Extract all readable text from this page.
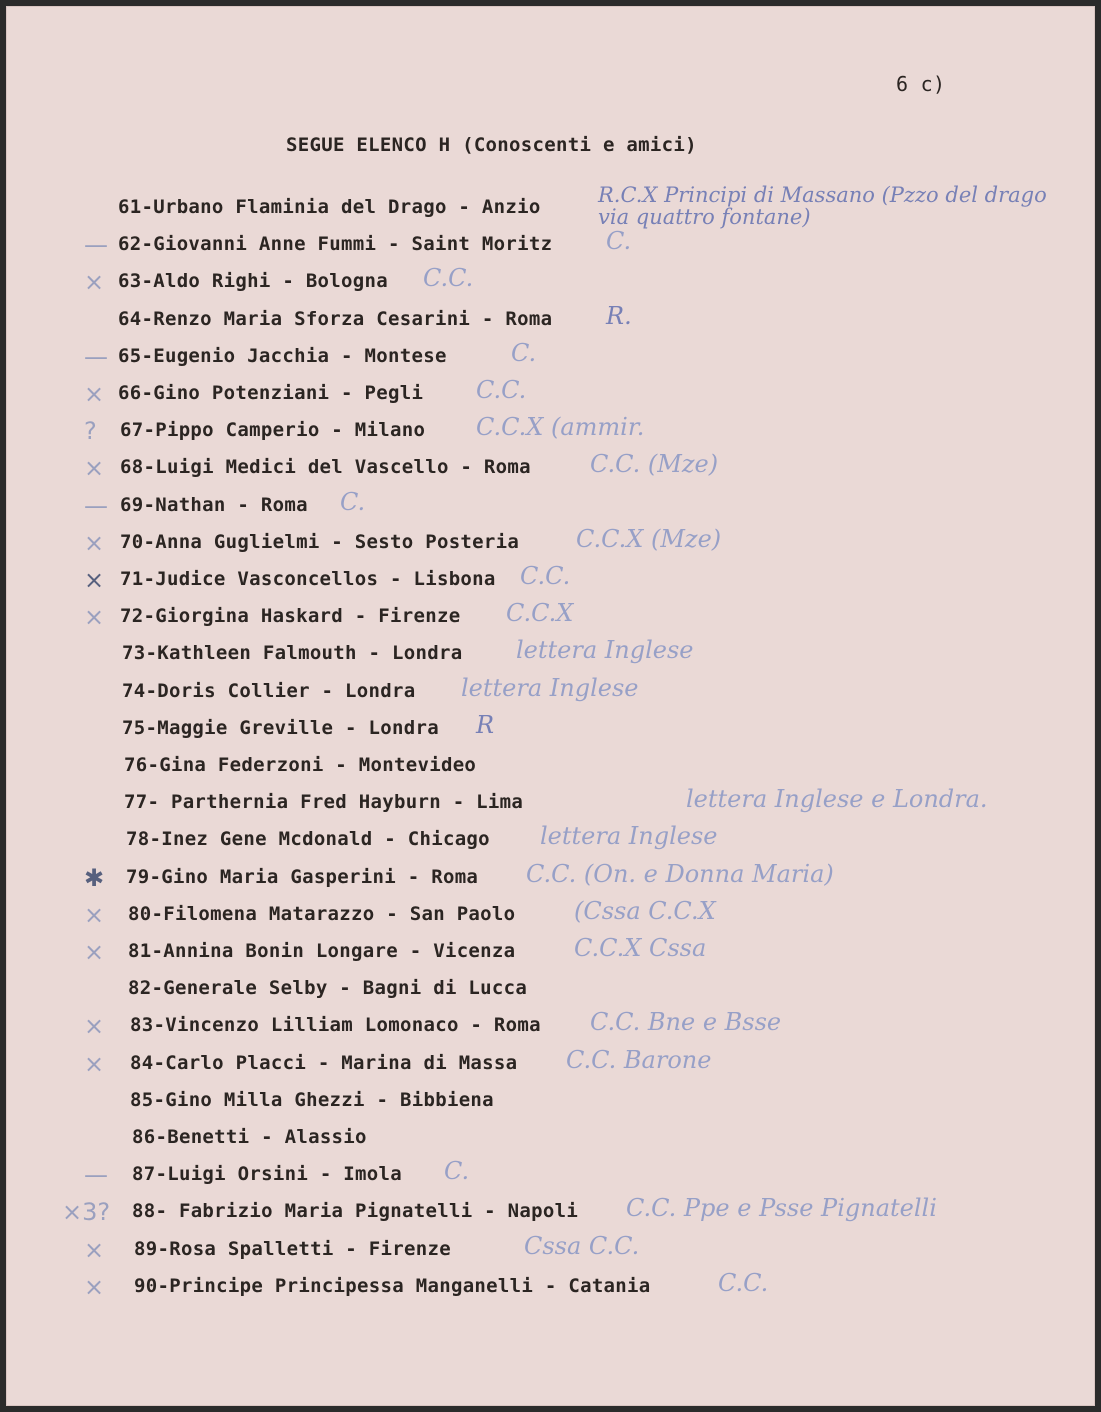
6 c)
SEGUE ELENCO H (Conoscenti e amici)
61-Urbano Flaminia del Drago - Anzio	R.C.X Principi di Massano (Pzzo del drago via quattro fontane)
— 62-Giovanni Anne Fummi - Saint Moritz C.
× 63-Aldo Righi - Bologna C.C.
64-Renzo Maria Sforza Cesarini - Roma R.
— 65-Eugenio Jacchia - Montese	C.
× 66-Gino Potenziani - Pegli C.C.
? 67-Pippo Camperio - Milano C.C.X (ammir.
× 68-Luigi Medici del Vascello - Roma C.C. (Mze)
— 69-Nathan - Roma C.
× 70-Anna Guglielmi - Sesto Posteria C.C.X (Mze)
× 71-Judice Vasconcellos - Lisbona C.C.
× 72-Giorgina Haskard - Firenze C.C.X
73-Kathleen Falmouth - Londra lettera Inglese
74-Doris Collier - Londra lettera Inglese
75-Maggie Greville - Londra R
76-Gina Federzoni - Montevideo
77- Parthernia Fred Hayburn - Lima	lettera Inglese e Londra.
78-Inez Gene Mcdonald - Chicago lettera Inglese
✱ 79-Gino Maria Gasperini - Roma C.C. (On. e Donna Maria)
× 80-Filomena Matarazzo - San Paolo (Cssa C.C.X
× 81-Annina Bonin Longare - Vicenza C.C.X Cssa
82-Generale Selby - Bagni di Lucca
× 83-Vincenzo Lilliam Lomonaco - Roma C.C. Bne e Bsse
× 84-Carlo Placci - Marina di Massa C.C. Barone
85-Gino Milla Ghezzi - Bibbiena
86-Benetti - Alassio
— 87-Luigi Orsini - Imola C.
×3? 88- Fabrizio Maria Pignatelli - Napoli C.C. Ppe e Psse Pignatelli
× 89-Rosa Spalletti - Firenze	Cssa C.C.
× 90-Principe Principessa Manganelli - Catania	C.C.
